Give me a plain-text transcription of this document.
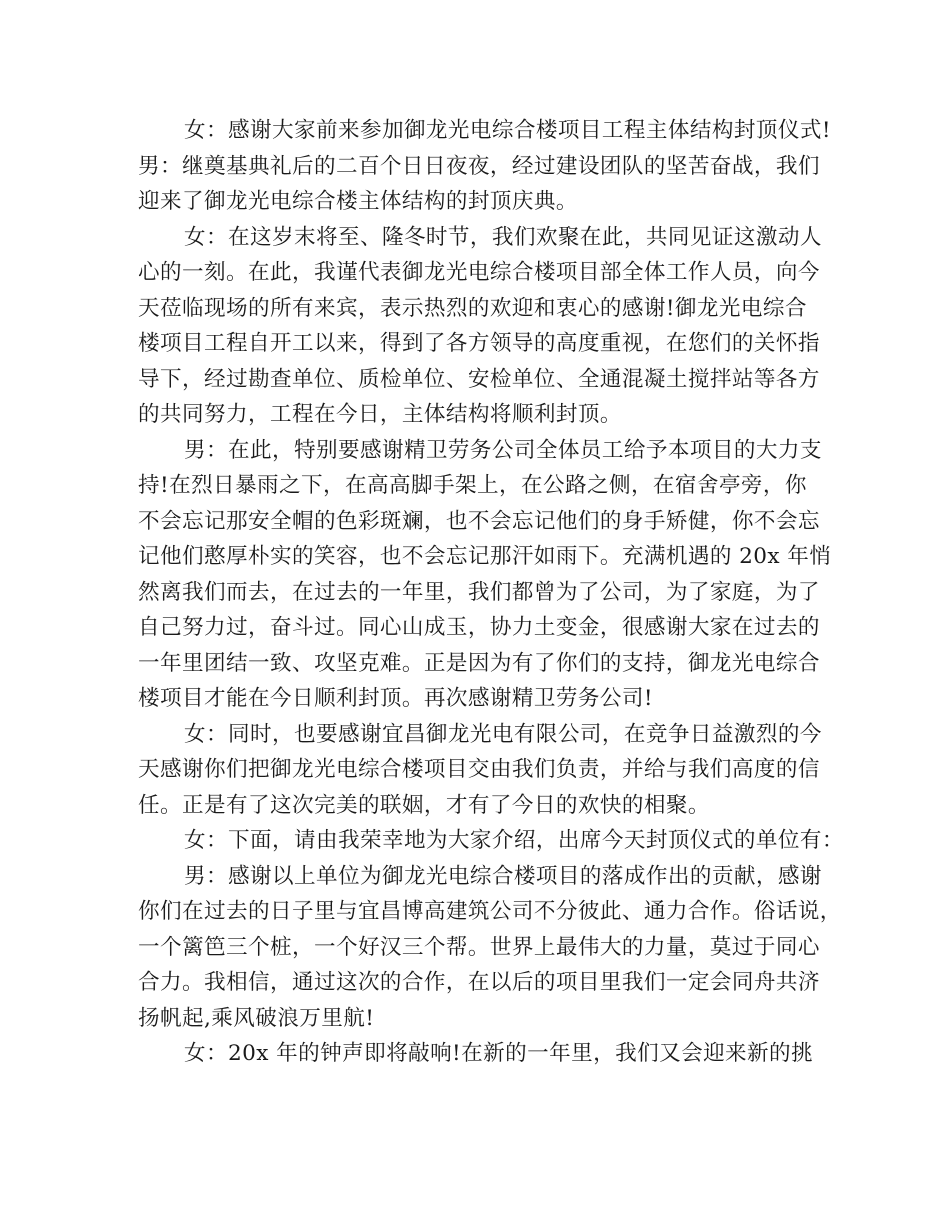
女：感谢大家前来参加御龙光电综合楼项目工程主体结构封顶仪式!
男：继奠基典礼后的二百个日日夜夜，经过建设团队的坚苦奋战，我们
迎来了御龙光电综合楼主体结构的封顶庆典。
女：在这岁末将至、隆冬时节，我们欢聚在此，共同见证这激动人
心的一刻。在此，我谨代表御龙光电综合楼项目部全体工作人员，向今
天莅临现场的所有来宾，表示热烈的欢迎和衷心的感谢!御龙光电综合
楼项目工程自开工以来，得到了各方领导的高度重视，在您们的关怀指
导下，经过勘查单位、质检单位、安检单位、全通混凝土搅拌站等各方
的共同努力，工程在今日，主体结构将顺利封顶。
男：在此，特别要感谢精卫劳务公司全体员工给予本项目的大力支
持!在烈日暴雨之下，在高高脚手架上，在公路之侧，在宿舍亭旁，你
不会忘记那安全帽的色彩斑斓，也不会忘记他们的身手矫健，你不会忘
记他们憨厚朴实的笑容，也不会忘记那汗如雨下。充满机遇的 20x 年悄
然离我们而去，在过去的一年里，我们都曾为了公司，为了家庭，为了
自己努力过，奋斗过。同心山成玉，协力土变金，很感谢大家在过去的
一年里团结一致、攻坚克难。正是因为有了你们的支持，御龙光电综合
楼项目才能在今日顺利封顶。再次感谢精卫劳务公司!
女：同时，也要感谢宜昌御龙光电有限公司，在竞争日益激烈的今
天感谢你们把御龙光电综合楼项目交由我们负责，并给与我们高度的信
任。正是有了这次完美的联姻，才有了今日的欢快的相聚。
女：下面，请由我荣幸地为大家介绍，出席今天封顶仪式的单位有：
男：感谢以上单位为御龙光电综合楼项目的落成作出的贡献，感谢
你们在过去的日子里与宜昌博高建筑公司不分彼此、通力合作。俗话说，
一个篱笆三个桩，一个好汉三个帮。世界上最伟大的力量，莫过于同心
合力。我相信，通过这次的合作，在以后的项目里我们一定会同舟共济
扬帆起,乘风破浪万里航!
女：20x 年的钟声即将敲响!在新的一年里，我们又会迎来新的挑
